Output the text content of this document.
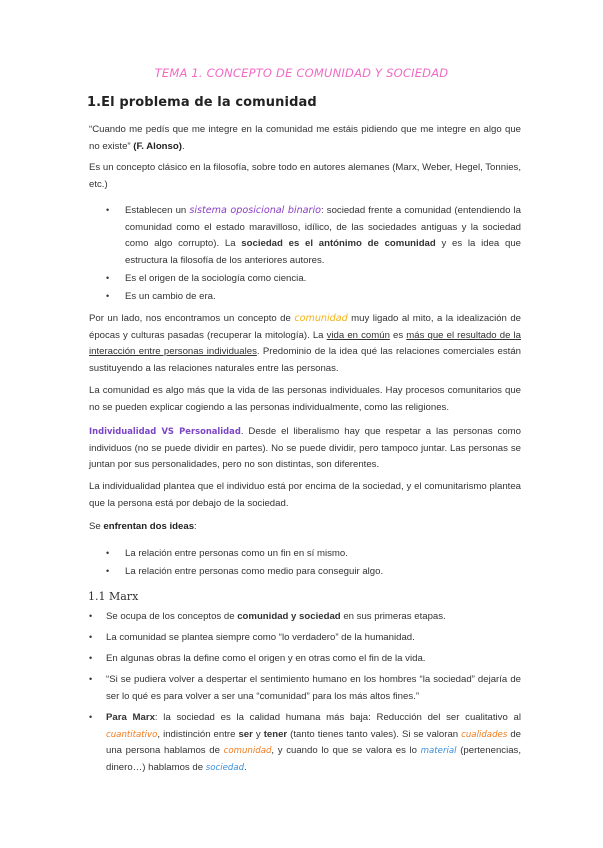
TEMA 1. CONCEPTO DE COMUNIDAD Y SOCIEDAD
1.El problema de la comunidad
“Cuando me pedís que me integre en la comunidad me estáis pidiendo que me integre en algo que no existe” (F. Alonso).
Es un concepto clásico en la filosofía, sobre todo en autores alemanes (Marx, Weber, Hegel, Tonnies, etc.)
• Establecen un sistema oposicional binario: sociedad frente a comunidad (entendiendo la comunidad como el estado maravilloso, idílico, de las sociedades antiguas y la sociedad como algo corrupto). La sociedad es el antónimo de comunidad y es la idea que estructura la filosofía de los anteriores autores.
• Es el origen de la sociología como ciencia.
• Es un cambio de era.
Por un lado, nos encontramos un concepto de comunidad muy ligado al mito, a la idealización de épocas y culturas pasadas (recuperar la mitología). La vida en común es más que el resultado de la interacción entre personas individuales. Predominio de la idea qué las relaciones comerciales están sustituyendo a las relaciones naturales entre las personas.
La comunidad es algo más que la vida de las personas individuales. Hay procesos comunitarios que no se pueden explicar cogiendo a las personas individualmente, como las religiones.
Individualidad VS Personalidad. Desde el liberalismo hay que respetar a las personas como individuos (no se puede dividir en partes). No se puede dividir, pero tampoco juntar. Las personas se juntan por sus personalidades, pero no son distintas, son diferentes.
La individualidad plantea que el individuo está por encima de la sociedad, y el comunitarismo plantea que la persona está por debajo de la sociedad.
Se enfrentan dos ideas:
• La relación entre personas como un fin en sí mismo.
• La relación entre personas como medio para conseguir algo.
1.1 Marx
• Se ocupa de los conceptos de comunidad y sociedad en sus primeras etapas.
• La comunidad se plantea siempre como “lo verdadero” de la humanidad.
• En algunas obras la define como el origen y en otras como el fin de la vida.
• “Si se pudiera volver a despertar el sentimiento humano en los hombres “la sociedad” dejaría de ser lo qué es para volver a ser una “comunidad” para los más altos fines.”
• Para Marx: la sociedad es la calidad humana más baja: Reducción del ser cualitativo al cuantitativo, indistinción entre ser y tener (tanto tienes tanto vales). Si se valoran cualidades de una persona hablamos de comunidad, y cuando lo que se valora es lo material (pertenencias, dinero…) hablamos de sociedad.
